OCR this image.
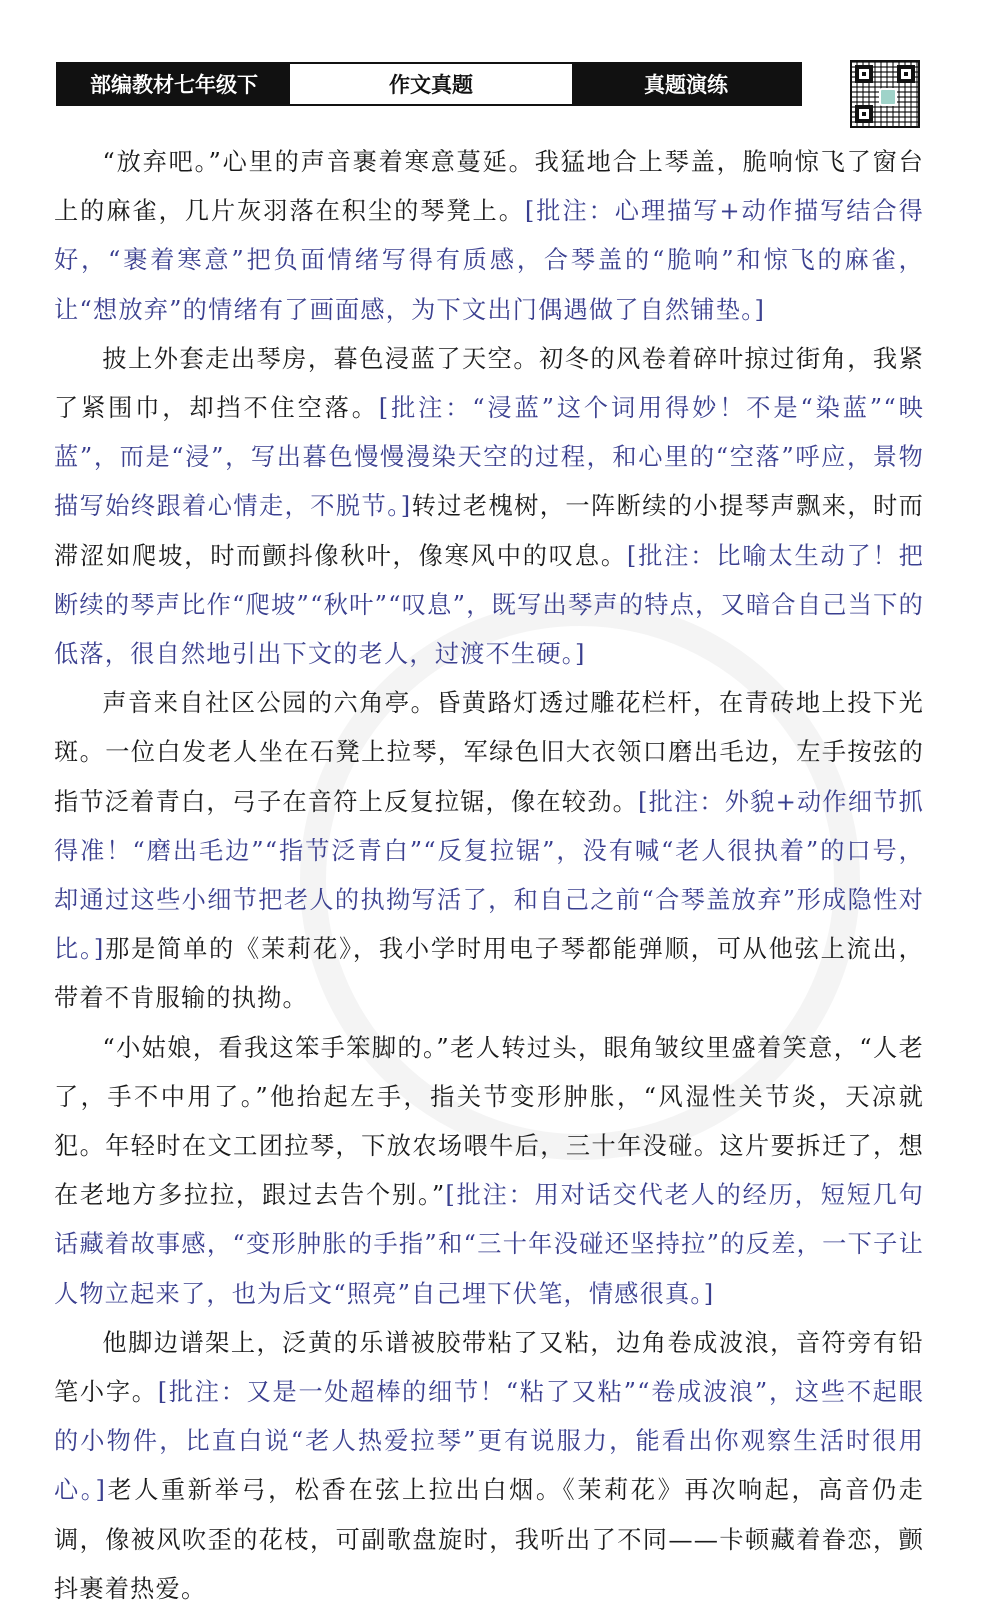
部编教材七年级下	作文真题	真题演练

“放弃吧。”心里的声音裹着寒意蔓延。我猛地合上琴盖，脆响惊飞了窗台上的麻雀，几片灰羽落在积尘的琴凳上。[批注：心理描写+动作描写结合得好，“裹着寒意”把负面情绪写得有质感，合琴盖的“脆响”和惊飞的麻雀，让“想放弃”的情绪有了画面感，为下文出门偶遇做了自然铺垫。]

披上外套走出琴房，暮色浸蓝了天空。初冬的风卷着碎叶掠过街角，我紧了紧围巾，却挡不住空落。[批注：“浸蓝”这个词用得妙！不是“染蓝”“映蓝”，而是“浸”，写出暮色慢慢漫染天空的过程，和心里的“空落”呼应，景物描写始终跟着心情走，不脱节。]转过老槐树，一阵断续的小提琴声飘来，时而滞涩如爬坡，时而颤抖像秋叶，像寒风中的叹息。[批注：比喻太生动了！把断续的琴声比作“爬坡”“秋叶”“叹息”，既写出琴声的特点，又暗合自己当下的低落，很自然地引出下文的老人，过渡不生硬。]

声音来自社区公园的六角亭。昏黄路灯透过雕花栏杆，在青砖地上投下光斑。一位白发老人坐在石凳上拉琴，军绿色旧大衣领口磨出毛边，左手按弦的指节泛着青白，弓子在音符上反复拉锯，像在较劲。[批注：外貌+动作细节抓得准！“磨出毛边”“指节泛青白”“反复拉锯”，没有喊“老人很执着”的口号，却通过这些小细节把老人的执拗写活了，和自己之前“合琴盖放弃”形成隐性对比。]那是简单的《茉莉花》，我小学时用电子琴都能弹顺，可从他弦上流出，带着不肯服输的执拗。

“小姑娘，看我这笨手笨脚的。”老人转过头，眼角皱纹里盛着笑意，“人老了，手不中用了。”他抬起左手，指关节变形肿胀，“风湿性关节炎，天凉就犯。年轻时在文工团拉琴，下放农场喂牛后，三十年没碰。这片要拆迁了，想在老地方多拉拉，跟过去告个别。”[批注：用对话交代老人的经历，短短几句话藏着故事感，“变形肿胀的手指”和“三十年没碰还坚持拉”的反差，一下子让人物立起来了，也为后文“照亮”自己埋下伏笔，情感很真。]

他脚边谱架上，泛黄的乐谱被胶带粘了又粘，边角卷成波浪，音符旁有铅笔小字。[批注：又是一处超棒的细节！“粘了又粘”“卷成波浪”，这些不起眼的小物件，比直白说“老人热爱拉琴”更有说服力，能看出你观察生活时很用心。]老人重新举弓，松香在弦上拉出白烟。《茉莉花》再次响起，高音仍走调，像被风吹歪的花枝，可副歌盘旋时，我听出了不同——卡顿藏着眷恋，颤抖裹着热爱。
